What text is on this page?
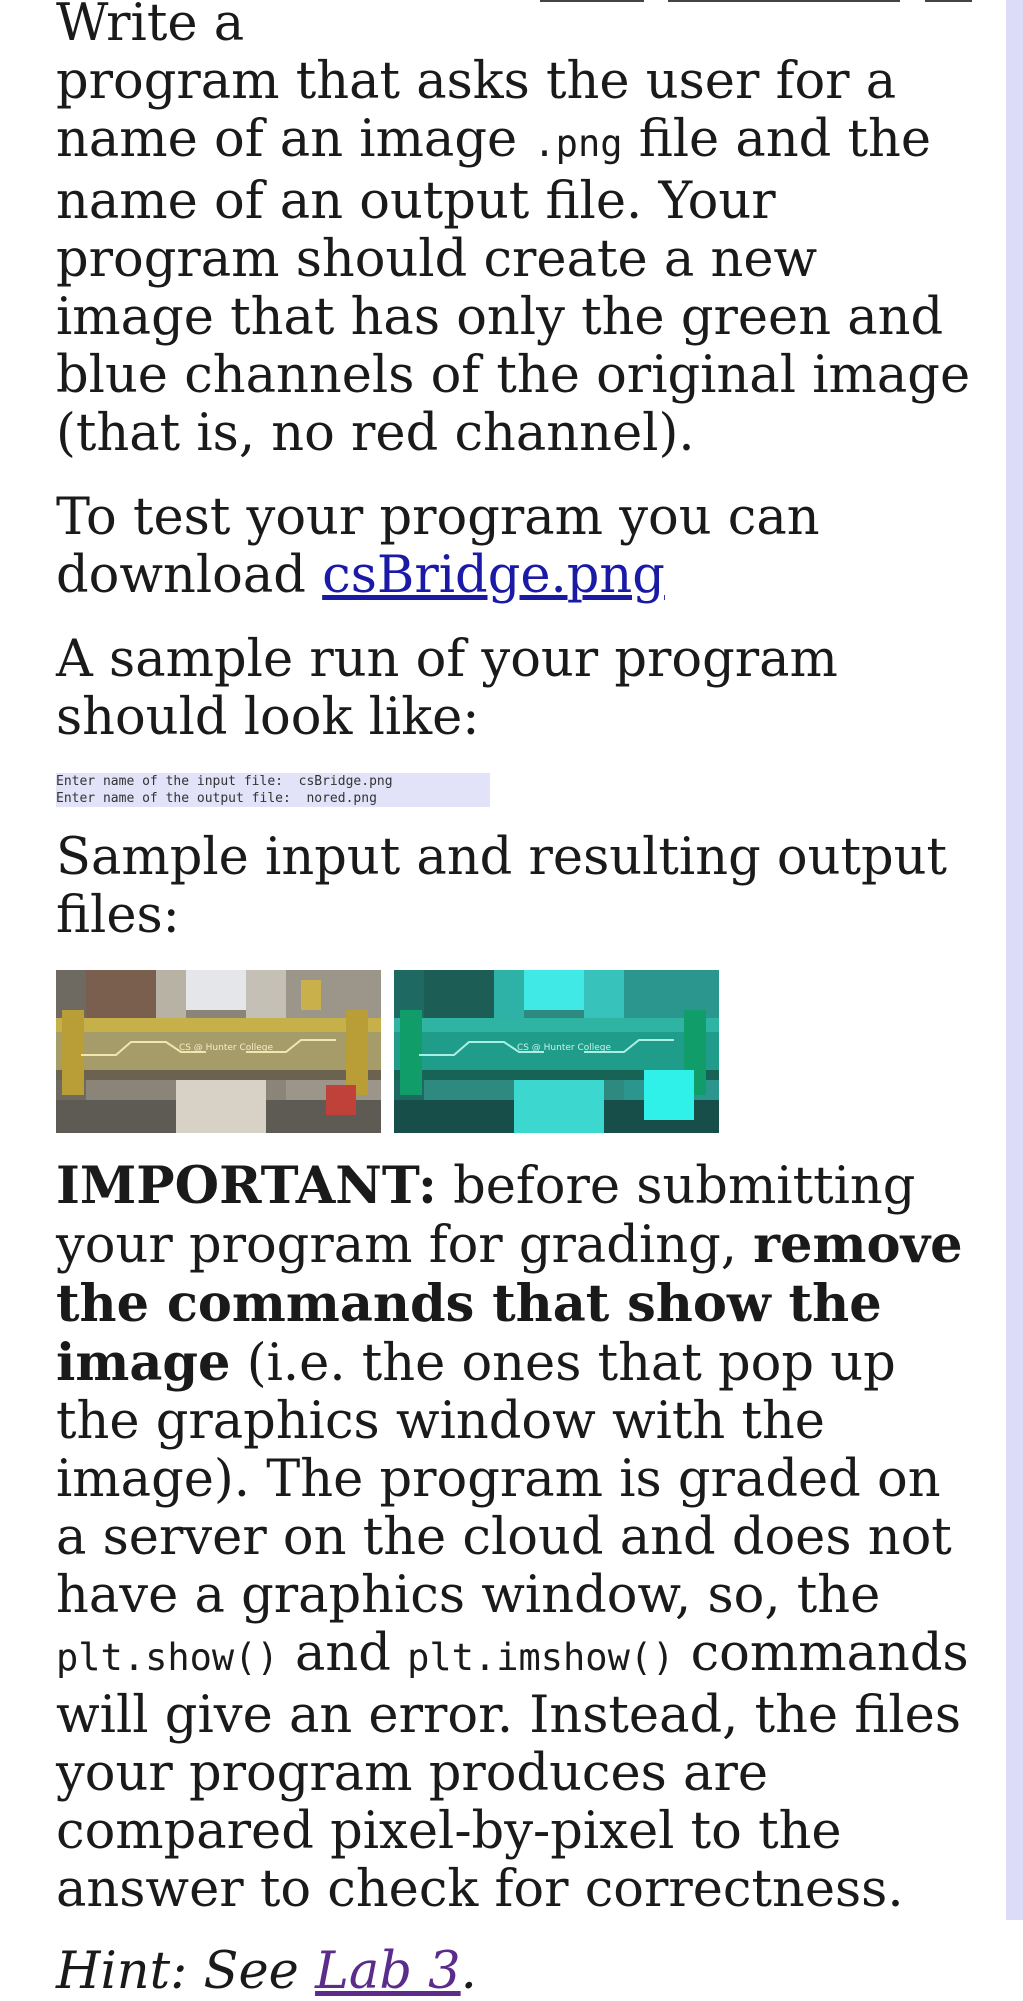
Write a
program that asks the user for a name of an image .png file and the name of an output file. Your program should create a new image that has only the green and blue channels of the original image (that is, no red channel).

To test your program you can download csBridge.png

A sample run of your program should look like:

Enter name of the input file:  csBridge.png
Enter name of the output file:  nored.png

Sample input and resulting output files:

CS @ Hunter College	CS @ Hunter College

IMPORTANT: before submitting your program for grading, remove the commands that show the image (i.e. the ones that pop up the graphics window with the image). The program is graded on a server on the cloud and does not have a graphics window, so, the plt.show() and plt.imshow() commands will give an error. Instead, the files your program produces are compared pixel-by-pixel to the answer to check for correctness.

Hint: See Lab 3.
